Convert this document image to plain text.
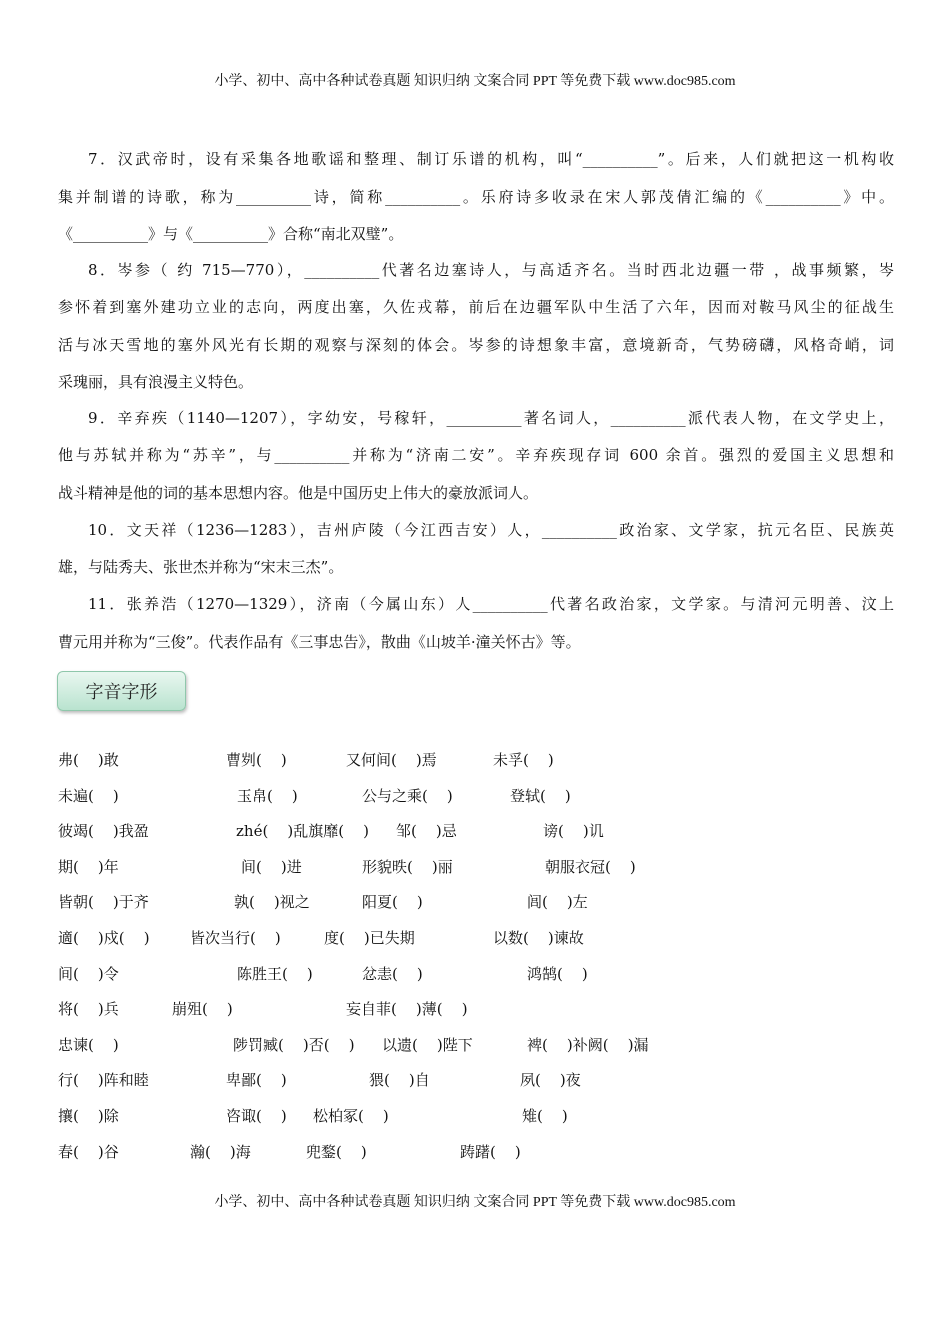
小学、初中、高中各种试卷真题 知识归纳 文案合同 PPT 等免费下载 www.doc985.com
7．汉武帝时，设有采集各地歌谣和整理、制订乐谱的机构，叫“__________”。后来，人们就把这一机构收
集并制谱的诗歌，称为__________诗，简称__________。乐府诗多收录在宋人郭茂倩汇编的《__________》中。
《__________》与《__________》合称“南北双璧”。
8．岑参（ 约 715—770），__________代著名边塞诗人，与高适齐名。当时西北边疆一带 ，战事频繁，岑
参怀着到塞外建功立业的志向，两度出塞，久佐戎幕，前后在边疆军队中生活了六年，因而对鞍马风尘的征战生
活与冰天雪地的塞外风光有长期的观察与深刻的体会。岑参的诗想象丰富，意境新奇，气势磅礴，风格奇峭，词
采瑰丽，具有浪漫主义特色。
9．辛弃疾（1140—1207），字幼安，号稼轩，__________著名词人，__________派代表人物，在文学史上，
他与苏轼并称为“苏辛”，与__________并称为“济南二安”。辛弃疾现存词 600 余首。强烈的爱国主义思想和
战斗精神是他的词的基本思想内容。他是中国历史上伟大的豪放派词人。
10．文天祥（1236—1283），吉州庐陵（今江西吉安）人，__________政治家、文学家，抗元名臣、民族英
雄，与陆秀夫、张世杰并称为“宋末三杰”。
11．张养浩（1270—1329），济南（今属山东）人__________代著名政治家，文学家。与清河元明善、汶上
曹元用并称为“三俊”。代表作品有《三事忠告》，散曲《山坡羊·潼关怀古》等。
字音字形
弗(    )敢	曹刿(    )	又何间(    )焉	未孚(    )
未遍(    )	玉帛(    )	公与之乘(    )	登轼(    )
彼竭(    )我盈	zhé(    )乱旗靡(    ) 邹(    )忌	谤(    )讥
期(    )年	间(    )进	形貌昳(    )丽	朝服衣冠(    )
皆朝(    )于齐	孰(    )视之	阳夏(    )	闾(    )左
適(    )戍(    )	皆次当行(    )	度(    )已失期	以数(    )谏故
间(    )令	陈胜王(    )	忿恚(    )	鸿鹄(    )
将(    )兵	崩殂(    )	妄自菲(    )薄(    )
忠谏(    )	陟罚臧(    )否(    ) 以遗(    )陛下	裨(    )补阙(    )漏
行(    )阵和睦	卑鄙(    )	猥(    )自	夙(    )夜
攘(    )除	咨诹(    ) 松柏冢(    )	雉(    )
春(    )谷	瀚(    )海	兜鍪(    )	踌躇(    )
小学、初中、高中各种试卷真题 知识归纳 文案合同 PPT 等免费下载 www.doc985.com
